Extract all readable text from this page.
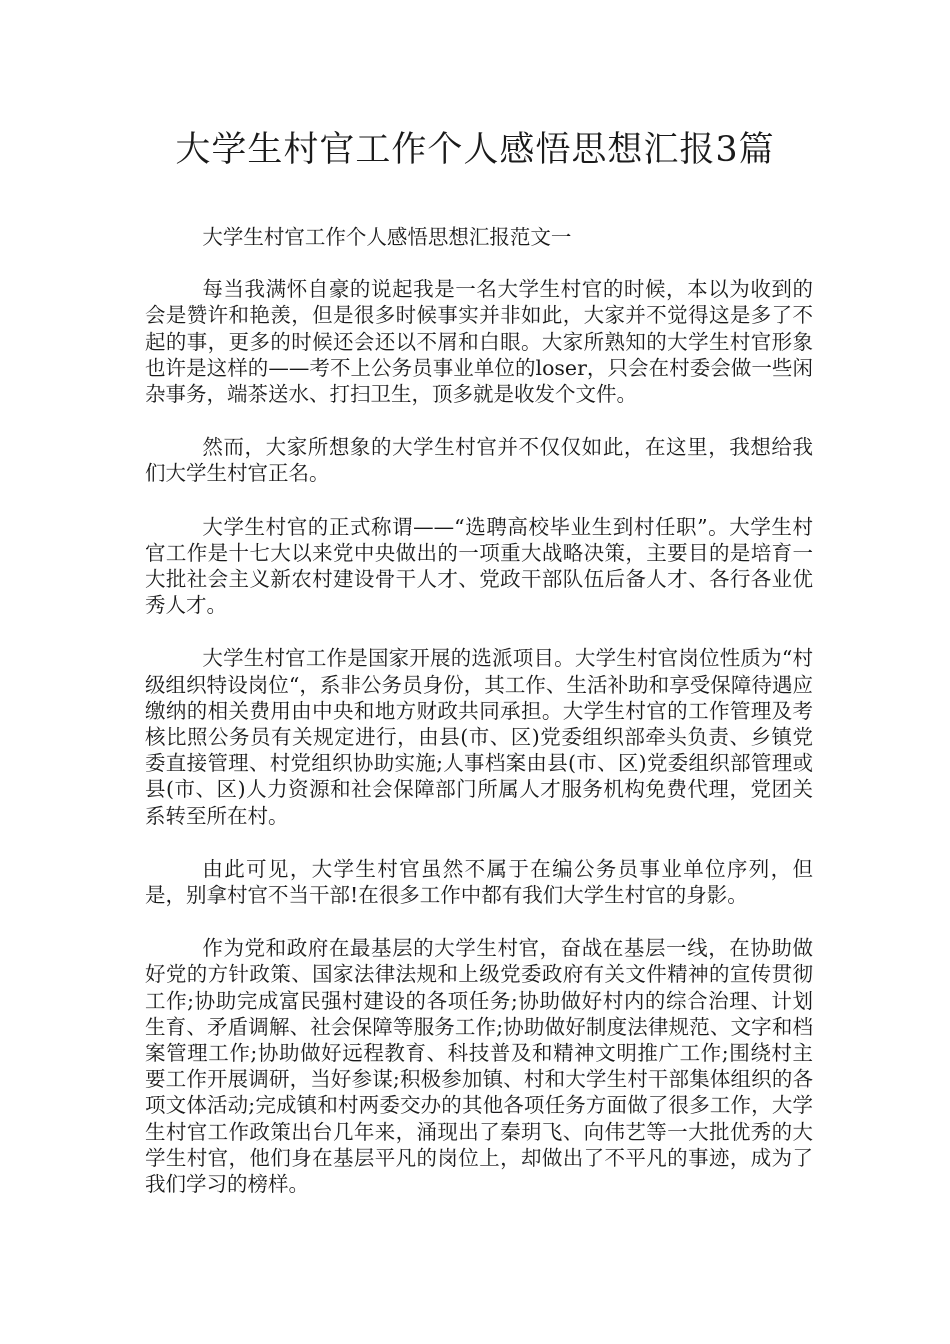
大学生村官工作个人感悟思想汇报3篇

大学生村官工作个人感悟思想汇报范文一

每当我满怀自豪的说起我是一名大学生村官的时候，本以为收到的会是赞许和艳羡，但是很多时候事实并非如此，大家并不觉得这是多了不起的事，更多的时候还会还以不屑和白眼。大家所熟知的大学生村官形象也许是这样的——考不上公务员事业单位的loser，只会在村委会做一些闲杂事务，端茶送水、打扫卫生，顶多就是收发个文件。

然而，大家所想象的大学生村官并不仅仅如此，在这里，我想给我们大学生村官正名。

大学生村官的正式称谓——“选聘高校毕业生到村任职”。大学生村官工作是十七大以来党中央做出的一项重大战略决策，主要目的是培育一大批社会主义新农村建设骨干人才、党政干部队伍后备人才、各行各业优秀人才。

大学生村官工作是国家开展的选派项目。大学生村官岗位性质为“村级组织特设岗位“，系非公务员身份，其工作、生活补助和享受保障待遇应缴纳的相关费用由中央和地方财政共同承担。大学生村官的工作管理及考核比照公务员有关规定进行，由县(市、区)党委组织部牵头负责、乡镇党委直接管理、村党组织协助实施;人事档案由县(市、区)党委组织部管理或县(市、区)人力资源和社会保障部门所属人才服务机构免费代理，党团关系转至所在村。

由此可见，大学生村官虽然不属于在编公务员事业单位序列，但是，别拿村官不当干部!在很多工作中都有我们大学生村官的身影。

作为党和政府在最基层的大学生村官，奋战在基层一线，在协助做好党的方针政策、国家法律法规和上级党委政府有关文件精神的宣传贯彻工作;协助完成富民强村建设的各项任务;协助做好村内的综合治理、计划生育、矛盾调解、社会保障等服务工作;协助做好制度法律规范、文字和档案管理工作;协助做好远程教育、科技普及和精神文明推广工作;围绕村主要工作开展调研，当好参谋;积极参加镇、村和大学生村干部集体组织的各项文体活动;完成镇和村两委交办的其他各项任务方面做了很多工作，大学生村官工作政策出台几年来，涌现出了秦玥飞、向伟艺等一大批优秀的大学生村官，他们身在基层平凡的岗位上，却做出了不平凡的事迹，成为了我们学习的榜样。
